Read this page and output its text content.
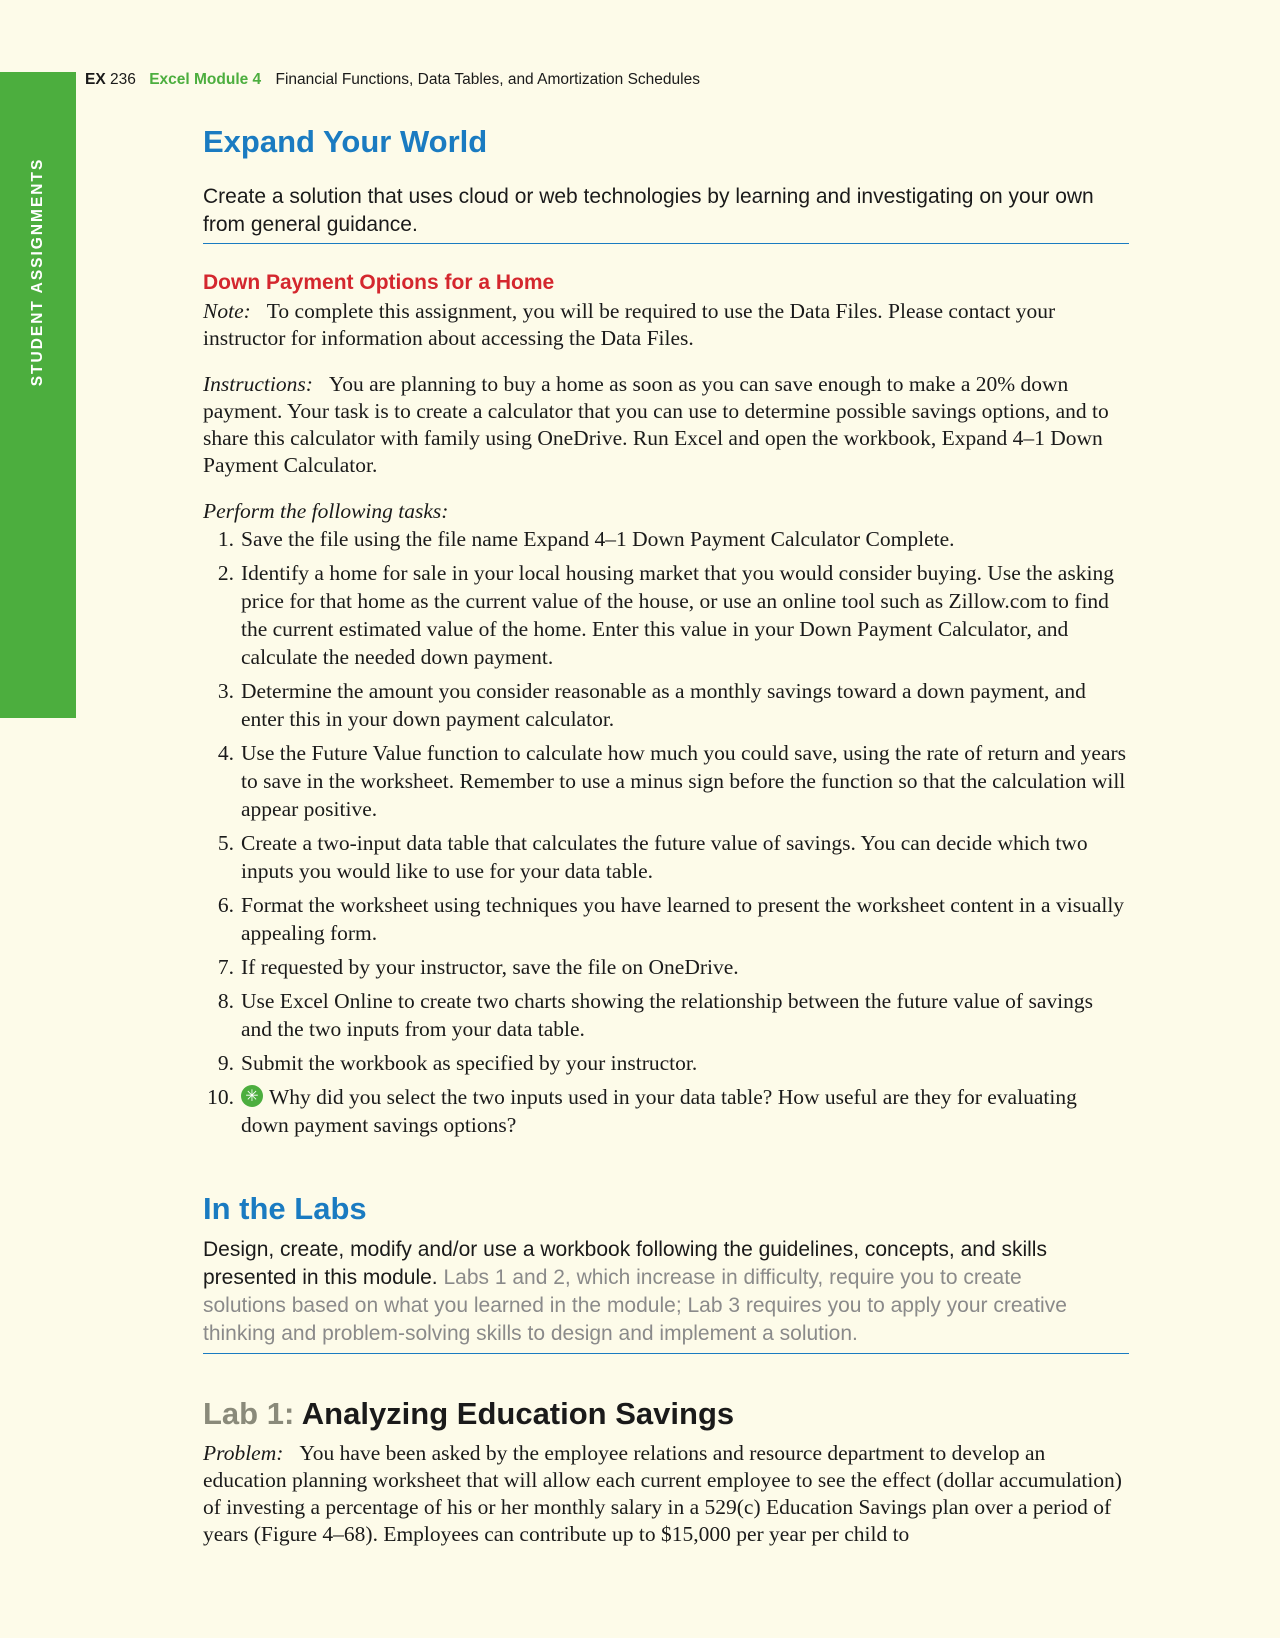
STUDENT ASSIGNMENTS
EX 236 Excel Module 4 Financial Functions, Data Tables, and Amortization Schedules
Expand Your World
Create a solution that uses cloud or web technologies by learning and investigating on your own from general guidance.
Down Payment Options for a Home
Note: To complete this assignment, you will be required to use the Data Files. Please contact your instructor for information about accessing the Data Files.
Instructions: You are planning to buy a home as soon as you can save enough to make a 20% down payment. Your task is to create a calculator that you can use to determine possible savings options, and to share this calculator with family using OneDrive. Run Excel and open the workbook, Expand 4–1 Down Payment Calculator.
Perform the following tasks:
1. Save the file using the file name Expand 4–1 Down Payment Calculator Complete.
2. Identify a home for sale in your local housing market that you would consider buying. Use the asking price for that home as the current value of the house, or use an online tool such as Zillow.com to find the current estimated value of the home. Enter this value in your Down Payment Calculator, and calculate the needed down payment.
3. Determine the amount you consider reasonable as a monthly savings toward a down payment, and enter this in your down payment calculator.
4. Use the Future Value function to calculate how much you could save, using the rate of return and years to save in the worksheet. Remember to use a minus sign before the function so that the calculation will appear positive.
5. Create a two-input data table that calculates the future value of savings. You can decide which two inputs you would like to use for your data table.
6. Format the worksheet using techniques you have learned to present the worksheet content in a visually appealing form.
7. If requested by your instructor, save the file on OneDrive.
8. Use Excel Online to create two charts showing the relationship between the future value of savings and the two inputs from your data table.
9. Submit the workbook as specified by your instructor.
10.
✳ Why did you select the two inputs used in your data table? How useful are they for evaluating down payment savings options?
In the Labs
Design, create, modify and/or use a workbook following the guidelines, concepts, and skills presented in this module. Labs 1 and 2, which increase in difficulty, require you to create solutions based on what you learned in the module; Lab 3 requires you to apply your creative thinking and problem-solving skills to design and implement a solution.
Lab 1: Analyzing Education Savings
Problem: You have been asked by the employee relations and resource department to develop an education planning worksheet that will allow each current employee to see the effect (dollar accumulation) of investing a percentage of his or her monthly salary in a 529(c) Education Savings plan over a period of years (Figure 4–68). Employees can contribute up to $15,000 per year per child to
